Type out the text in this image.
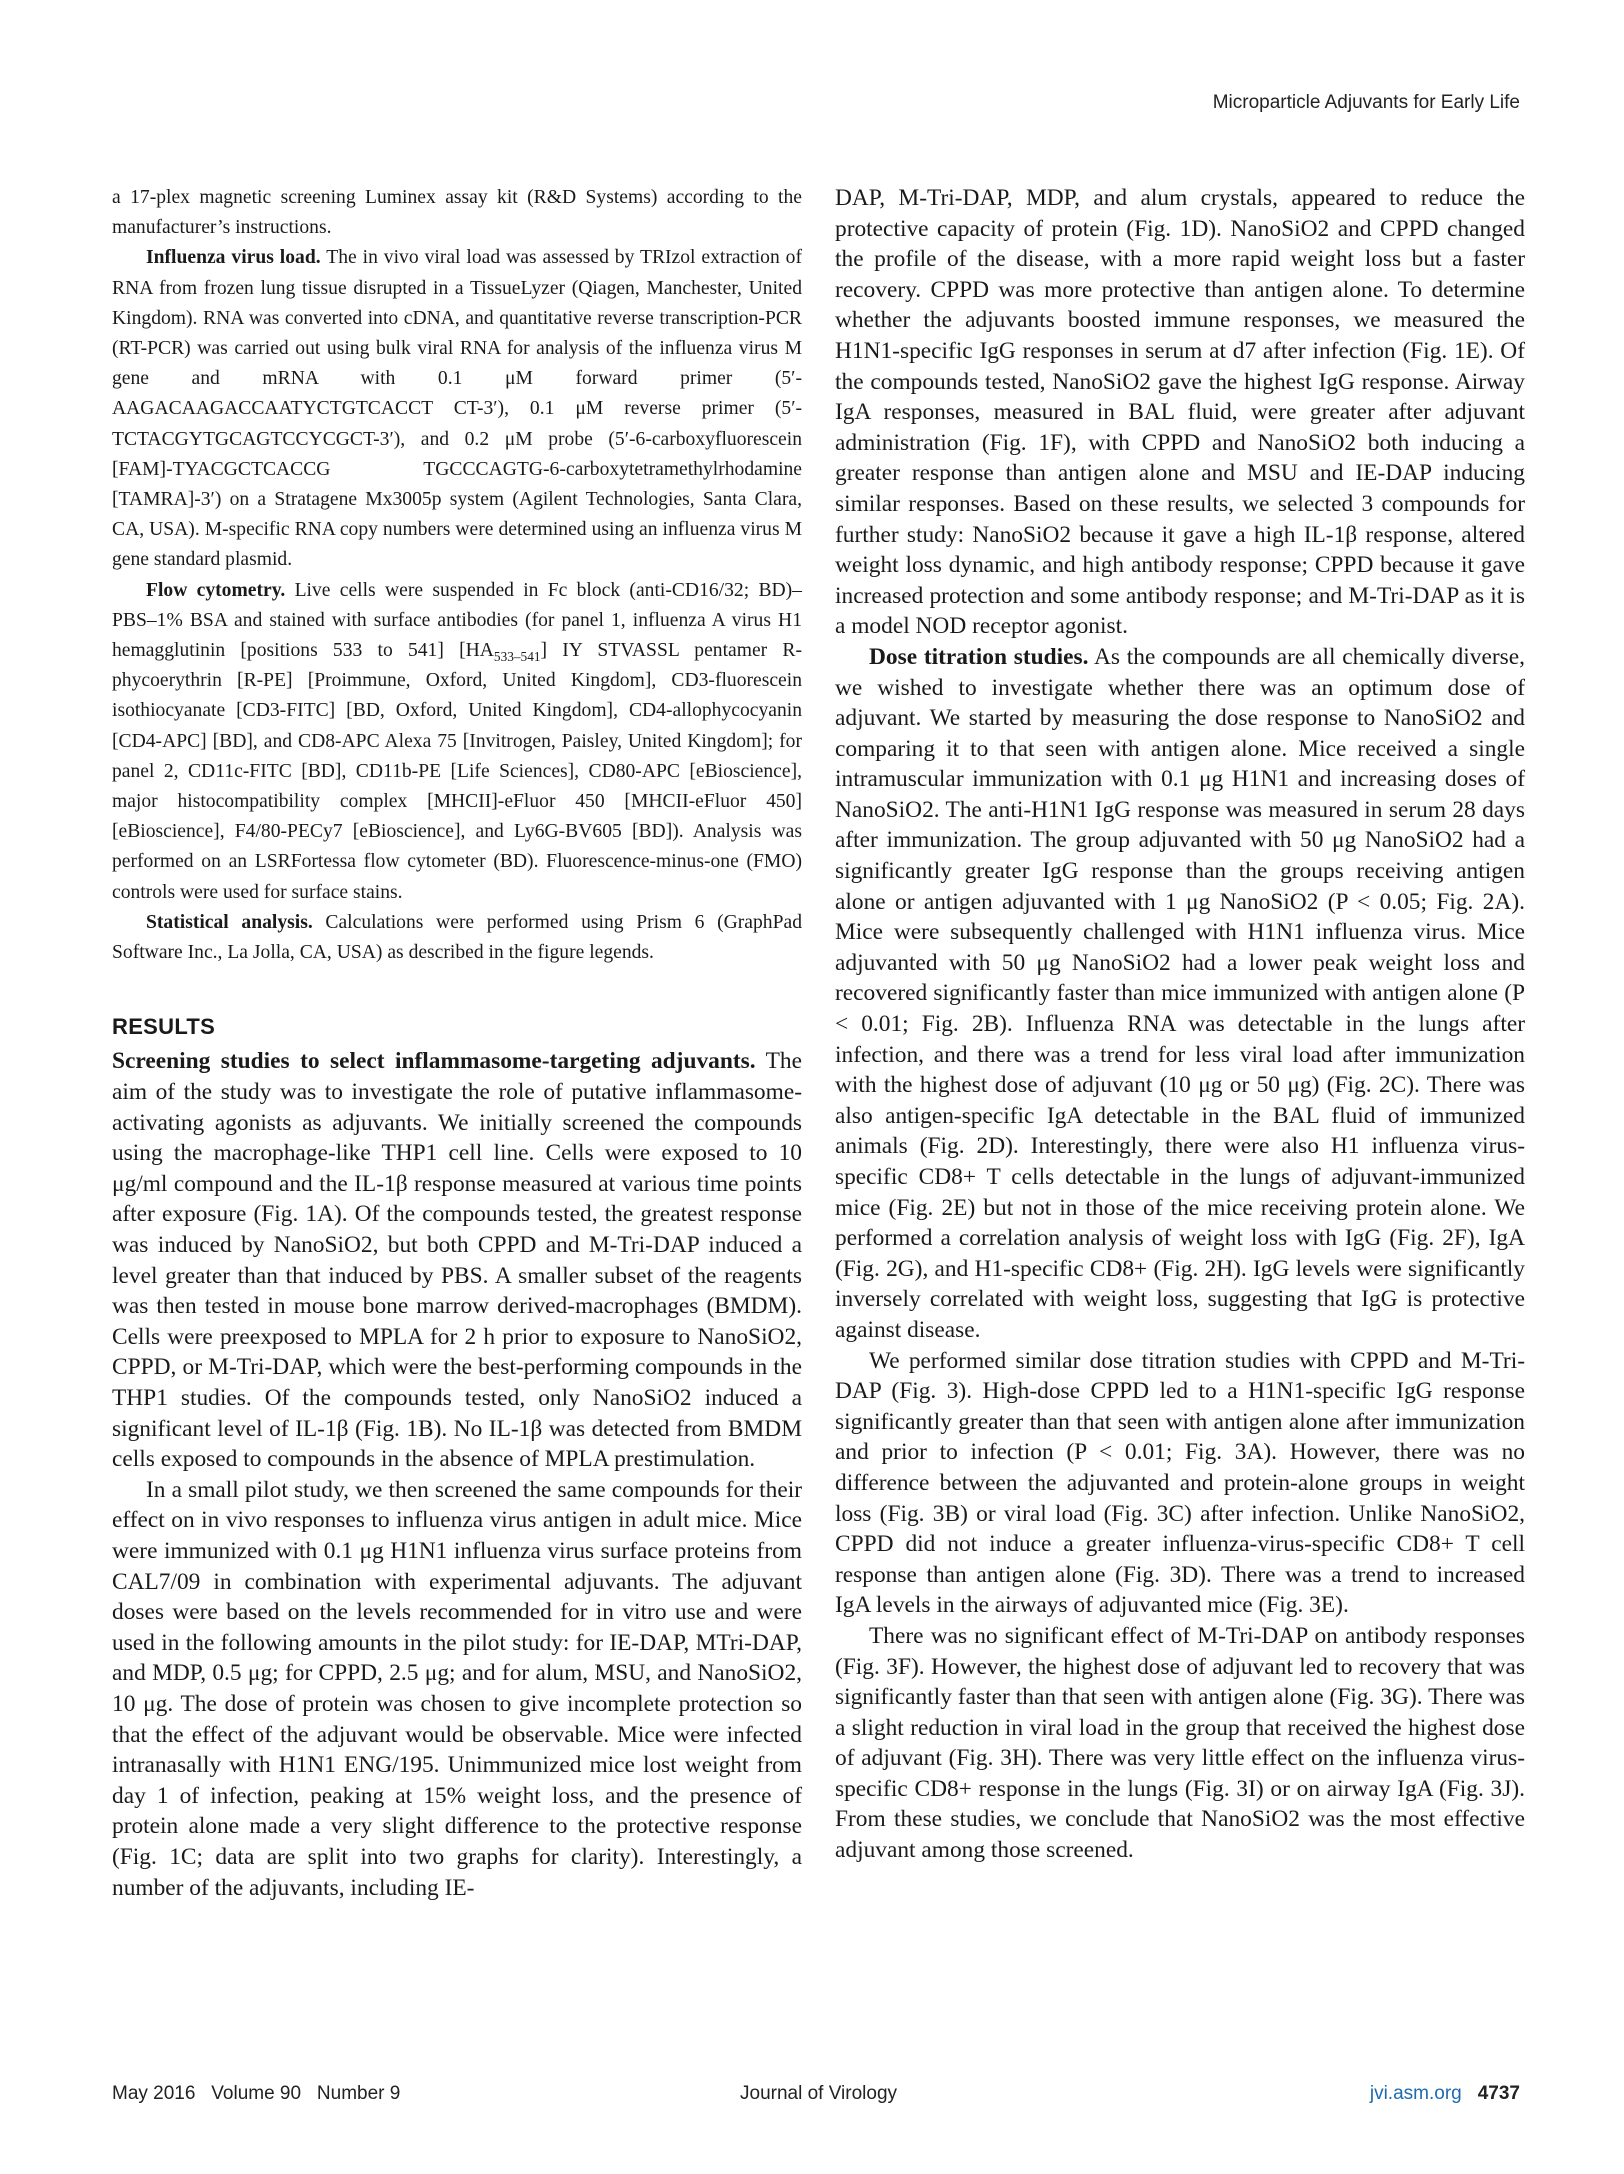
Microparticle Adjuvants for Early Life

a 17-plex magnetic screening Luminex assay kit (R&D Systems) according to the manufacturer’s instructions.

Influenza virus load. The in vivo viral load was assessed by TRIzol extraction of RNA from frozen lung tissue disrupted in a TissueLyzer (Qiagen, Manchester, United Kingdom). RNA was converted into cDNA, and quantitative reverse transcription-PCR (RT-PCR) was carried out using bulk viral RNA for analysis of the influenza virus M gene and mRNA with 0.1 μM forward primer (5′-AAGACAAGACCAATYCTGTCACCT CT-3′), 0.1 μM reverse primer (5′-TCTACGYTGCAGTCCYCGCT-3′), and 0.2 μM probe (5′-6-carboxyfluorescein [FAM]-TYACGCTCACCG TGCCCAGTG-6-carboxytetramethylrhodamine [TAMRA]-3′) on a Stratagene Mx3005p system (Agilent Technologies, Santa Clara, CA, USA). M-specific RNA copy numbers were determined using an influenza virus M gene standard plasmid.

Flow cytometry. Live cells were suspended in Fc block (anti-CD16/32; BD)–PBS–1% BSA and stained with surface antibodies (for panel 1, influenza A virus H1 hemagglutinin [positions 533 to 541] $[HA_{533-541}]$ IY STVASSL pentamer R-phycoerythrin [R-PE] [Proimmune, Oxford, United Kingdom], CD3-fluorescein isothiocyanate [CD3-FITC] [BD, Oxford, United Kingdom], CD4-allophycocyanin [CD4-APC] [BD], and CD8-APC Alexa 75 [Invitrogen, Paisley, United Kingdom]; for panel 2, CD11c-FITC [BD], CD11b-PE [Life Sciences], CD80-APC [eBioscience], major histocompatibility complex [MHCII]-eFluor 450 [MHCII-eFluor 450] [eBioscience], F4/80-PECy7 [eBioscience], and Ly6G-BV605 [BD]). Analysis was performed on an LSRFortessa flow cytometer (BD). Fluorescence-minus-one (FMO) controls were used for surface stains.

Statistical analysis. Calculations were performed using Prism 6 (GraphPad Software Inc., La Jolla, CA, USA) as described in the figure legends.

RESULTS

Screening studies to select inflammasome-targeting adjuvants. The aim of the study was to investigate the role of putative inflammasome-activating agonists as adjuvants. We initially screened the compounds using the macrophage-like THP1 cell line. Cells were exposed to 10 μg/ml compound and the IL-1β response measured at various time points after exposure (Fig. 1A). Of the compounds tested, the greatest response was induced by NanoSiO2, but both CPPD and M-Tri-DAP induced a level greater than that induced by PBS. A smaller subset of the reagents was then tested in mouse bone marrow derived-macrophages (BMDM). Cells were preexposed to MPLA for 2 h prior to exposure to NanoSiO2, CPPD, or M-Tri-DAP, which were the best-performing compounds in the THP1 studies. Of the compounds tested, only NanoSiO2 induced a significant level of IL-1β (Fig. 1B). No IL-1β was detected from BMDM cells exposed to compounds in the absence of MPLA prestimulation.

In a small pilot study, we then screened the same compounds for their effect on in vivo responses to influenza virus antigen in adult mice. Mice were immunized with 0.1 μg H1N1 influenza virus surface proteins from CAL7/09 in combination with experimental adjuvants. The adjuvant doses were based on the levels recommended for in vitro use and were used in the following amounts in the pilot study: for IE-DAP, MTri-DAP, and MDP, 0.5 μg; for CPPD, 2.5 μg; and for alum, MSU, and NanoSiO2, 10 μg. The dose of protein was chosen to give incomplete protection so that the effect of the adjuvant would be observable. Mice were infected intranasally with H1N1 ENG/195. Unimmunized mice lost weight from day 1 of infection, peaking at 15% weight loss, and the presence of protein alone made a very slight difference to the protective response (Fig. 1C; data are split into two graphs for clarity). Interestingly, a number of the adjuvants, including IE-

DAP, M-Tri-DAP, MDP, and alum crystals, appeared to reduce the protective capacity of protein (Fig. 1D). NanoSiO2 and CPPD changed the profile of the disease, with a more rapid weight loss but a faster recovery. CPPD was more protective than antigen alone. To determine whether the adjuvants boosted immune responses, we measured the H1N1-specific IgG responses in serum at d7 after infection (Fig. 1E). Of the compounds tested, NanoSiO2 gave the highest IgG response. Airway IgA responses, measured in BAL fluid, were greater after adjuvant administration (Fig. 1F), with CPPD and NanoSiO2 both inducing a greater response than antigen alone and MSU and IE-DAP inducing similar responses. Based on these results, we selected 3 compounds for further study: NanoSiO2 because it gave a high IL-1β response, altered weight loss dynamic, and high antibody response; CPPD because it gave increased protection and some antibody response; and M-Tri-DAP as it is a model NOD receptor agonist.

Dose titration studies. As the compounds are all chemically diverse, we wished to investigate whether there was an optimum dose of adjuvant. We started by measuring the dose response to NanoSiO2 and comparing it to that seen with antigen alone. Mice received a single intramuscular immunization with 0.1 μg H1N1 and increasing doses of NanoSiO2. The anti-H1N1 IgG response was measured in serum 28 days after immunization. The group adjuvanted with 50 μg NanoSiO2 had a significantly greater IgG response than the groups receiving antigen alone or antigen adjuvanted with 1 μg NanoSiO2 (P < 0.05; Fig. 2A). Mice were subsequently challenged with H1N1 influenza virus. Mice adjuvanted with 50 μg NanoSiO2 had a lower peak weight loss and recovered significantly faster than mice immunized with antigen alone (P < 0.01; Fig. 2B). Influenza RNA was detectable in the lungs after infection, and there was a trend for less viral load after immunization with the highest dose of adjuvant (10 μg or 50 μg) (Fig. 2C). There was also antigen-specific IgA detectable in the BAL fluid of immunized animals (Fig. 2D). Interestingly, there were also H1 influenza virus-specific CD8+ T cells detectable in the lungs of adjuvant-immunized mice (Fig. 2E) but not in those of the mice receiving protein alone. We performed a correlation analysis of weight loss with IgG (Fig. 2F), IgA (Fig. 2G), and H1-specific CD8+ (Fig. 2H). IgG levels were significantly inversely correlated with weight loss, suggesting that IgG is protective against disease.

We performed similar dose titration studies with CPPD and M-Tri-DAP (Fig. 3). High-dose CPPD led to a H1N1-specific IgG response significantly greater than that seen with antigen alone after immunization and prior to infection (P < 0.01; Fig. 3A). However, there was no difference between the adjuvanted and protein-alone groups in weight loss (Fig. 3B) or viral load (Fig. 3C) after infection. Unlike NanoSiO2, CPPD did not induce a greater influenza-virus-specific CD8+ T cell response than antigen alone (Fig. 3D). There was a trend to increased IgA levels in the airways of adjuvanted mice (Fig. 3E).

There was no significant effect of M-Tri-DAP on antibody responses (Fig. 3F). However, the highest dose of adjuvant led to recovery that was significantly faster than that seen with antigen alone (Fig. 3G). There was a slight reduction in viral load in the group that received the highest dose of adjuvant (Fig. 3H). There was very little effect on the influenza virus-specific CD8+ response in the lungs (Fig. 3I) or on airway IgA (Fig. 3J). From these studies, we conclude that NanoSiO2 was the most effective adjuvant among those screened.

May 2016   Volume 90   Number 9	Journal of Virology	jvi.asm.org 4737
